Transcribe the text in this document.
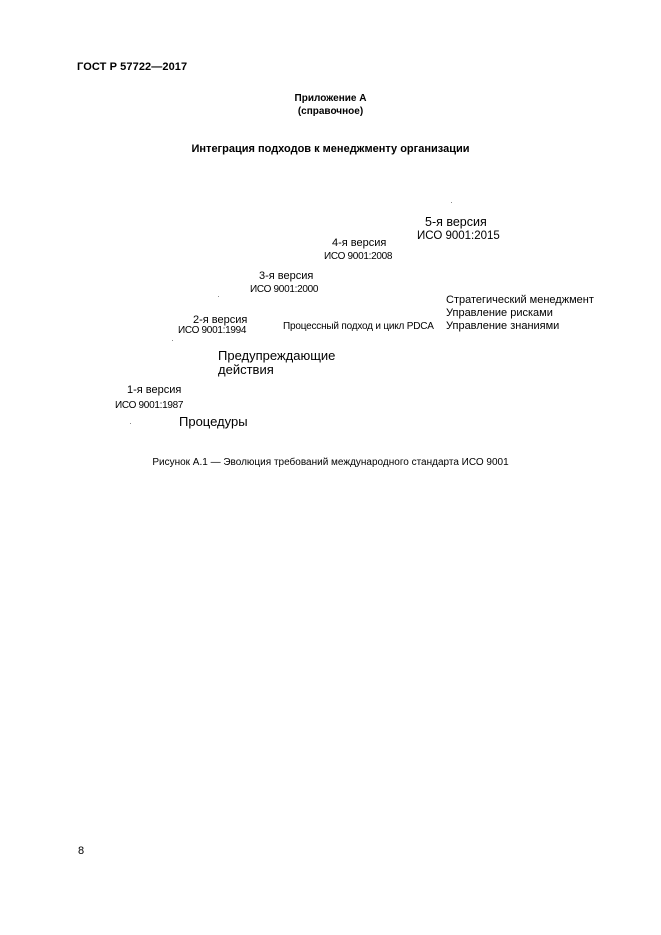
ГОСТ Р 57722—2017
Приложение А
(справочное)
Интеграция подходов к менеджменту организации
1-я версия
ИСО 9001:1987
Процедуры
2-я версия
ИСО 9001:1994
Предупреждающие
действия
3-я версия
ИСО 9001:2000
Процессный подход и цикл PDCA
4-я версия
ИСО 9001:2008
5-я версия
ИСО 9001:2015
Стратегический менеджмент
Управление рисками
Управление знаниями
Рисунок А.1 — Эволюция требований международного стандарта ИСО 9001
8
